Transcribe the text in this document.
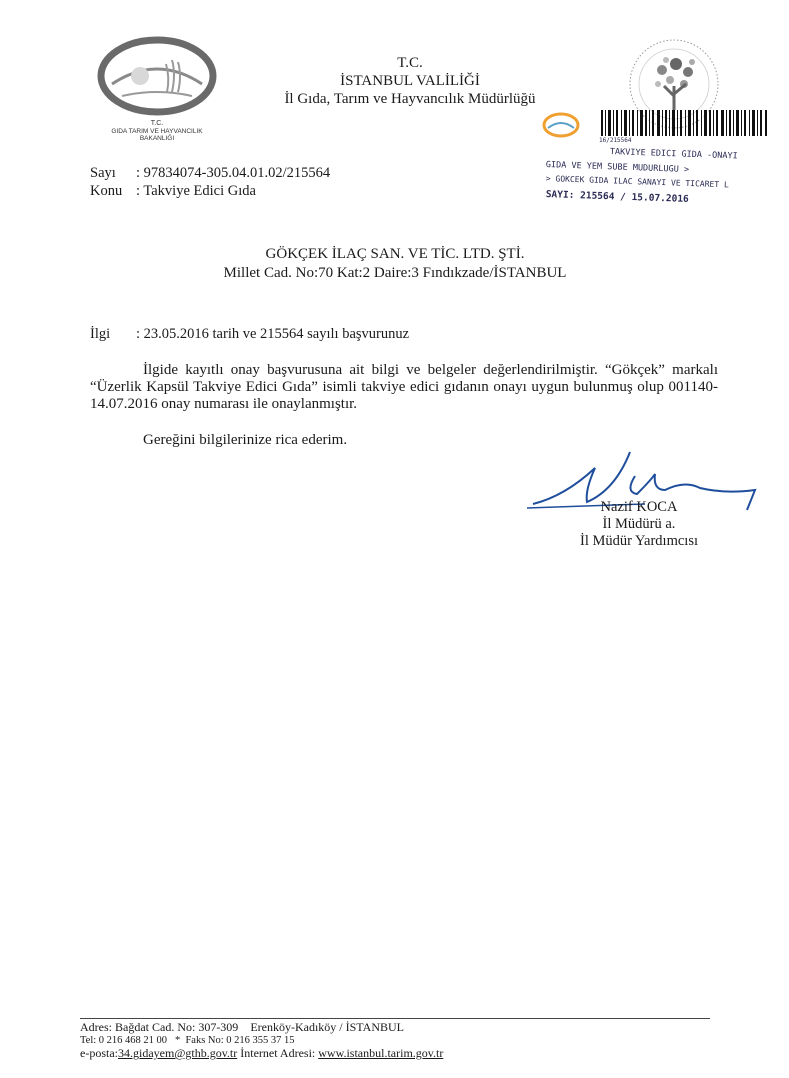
T.C.
GIDA TARIM VE HAYVANCILIK
BAKANLIĞI
T.C.
İSTANBUL VALİLİĞİ
İl Gıda, Tarım ve Hayvancılık Müdürlüğü
16/215564
TAKVIYE EDICI GIDA -ONAYI
GIDA VE YEM SUBE MUDURLUGU >
> GOKCEK GIDA ILAC SANAYI VE TICARET L
SAYI: 215564 / 15.07.2016
Sayı : 97834074-305.04.01.02/215564
Konu : Takviye Edici Gıda
GÖKÇEK İLAÇ SAN. VE TİC. LTD. ŞTİ.
Millet Cad. No:70 Kat:2 Daire:3 Fındıkzade/İSTANBUL
İlgi : 23.05.2016 tarih ve 215564 sayılı başvurunuz

İlgide kayıtlı onay başvurusuna ait bilgi ve belgeler değerlendirilmiştir. “Gökçek” markalı “Üzerlik Kapsül Takviye Edici Gıda” isimli takviye edici gıdanın onayı uygun bulunmuş olup 001140-14.07.2016 onay numarası ile onaylanmıştır.

Gereğini bilgilerinize rica ederim.
Nazif KOCA
İl Müdürü a.
İl Müdür Yardımcısı
Adres: Bağdat Cad. No: 307-309 Erenköy-Kadıköy / İSTANBUL
Tel: 0 216 468 21 00 * Faks No: 0 216 355 37 15
e-posta:34.gidayem@gthb.gov.tr İnternet Adresi: www.istanbul.tarim.gov.tr
